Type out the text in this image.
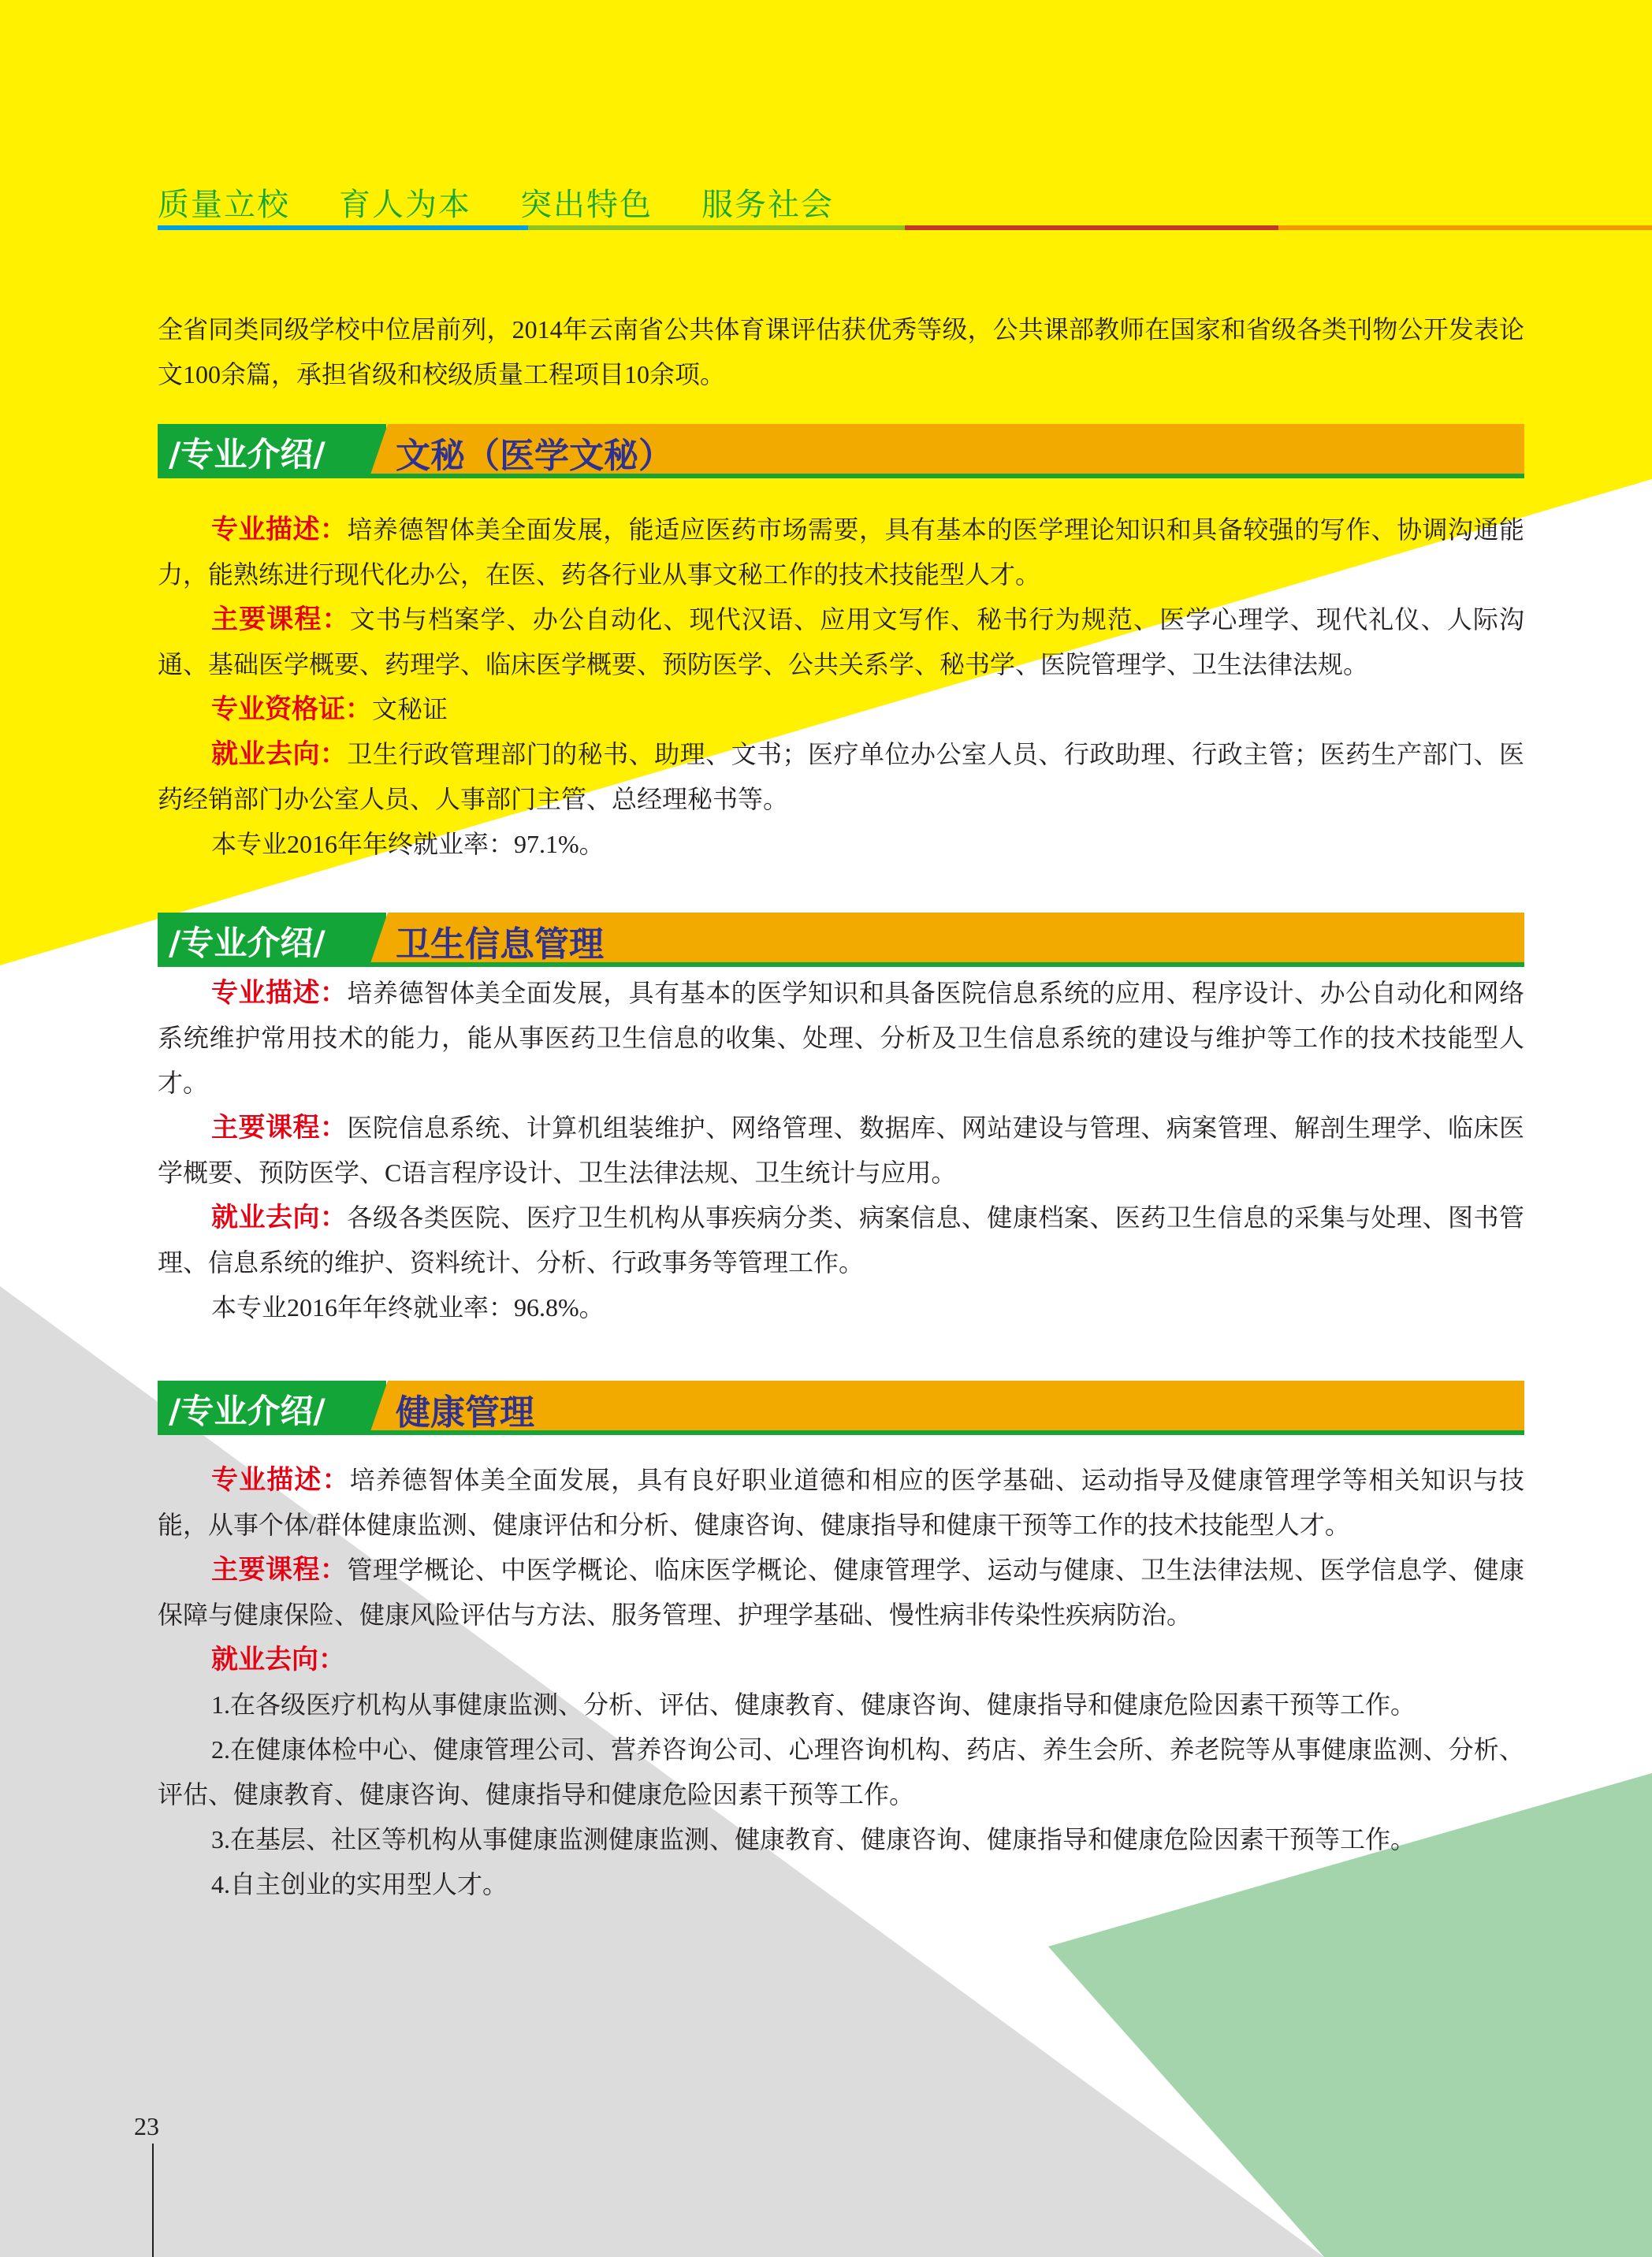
质量立校 育人为本 突出特色 服务社会

全省同类同级学校中位居前列，2014年云南省公共体育课评估获优秀等级，公共课部教师在国家和省级各类刊物公开发表论文100余篇，承担省级和校级质量工程项目10余项。

/专业介绍/ 文秘（医学文秘）

专业描述：培养德智体美全面发展，能适应医药市场需要，具有基本的医学理论知识和具备较强的写作、协调沟通能力，能熟练进行现代化办公，在医、药各行业从事文秘工作的技术技能型人才。

主要课程：文书与档案学、办公自动化、现代汉语、应用文写作、秘书行为规范、医学心理学、现代礼仪、人际沟通、基础医学概要、药理学、临床医学概要、预防医学、公共关系学、秘书学、医院管理学、卫生法律法规。

专业资格证：文秘证

就业去向：卫生行政管理部门的秘书、助理、文书；医疗单位办公室人员、行政助理、行政主管；医药生产部门、医药经销部门办公室人员、人事部门主管、总经理秘书等。

本专业2016年年终就业率：97.1%。

/专业介绍/ 卫生信息管理

专业描述：培养德智体美全面发展，具有基本的医学知识和具备医院信息系统的应用、程序设计、办公自动化和网络系统维护常用技术的能力，能从事医药卫生信息的收集、处理、分析及卫生信息系统的建设与维护等工作的技术技能型人才。

主要课程：医院信息系统、计算机组装维护、网络管理、数据库、网站建设与管理、病案管理、解剖生理学、临床医学概要、预防医学、C语言程序设计、卫生法律法规、卫生统计与应用。

就业去向：各级各类医院、医疗卫生机构从事疾病分类、病案信息、健康档案、医药卫生信息的采集与处理、图书管理、信息系统的维护、资料统计、分析、行政事务等管理工作。

本专业2016年年终就业率：96.8%。

/专业介绍/ 健康管理

专业描述：培养德智体美全面发展，具有良好职业道德和相应的医学基础、运动指导及健康管理学等相关知识与技能，从事个体/群体健康监测、健康评估和分析、健康咨询、健康指导和健康干预等工作的技术技能型人才。

主要课程：管理学概论、中医学概论、临床医学概论、健康管理学、运动与健康、卫生法律法规、医学信息学、健康保障与健康保险、健康风险评估与方法、服务管理、护理学基础、慢性病非传染性疾病防治。

就业去向：

1.在各级医疗机构从事健康监测、分析、评估、健康教育、健康咨询、健康指导和健康危险因素干预等工作。

2.在健康体检中心、健康管理公司、营养咨询公司、心理咨询机构、药店、养生会所、养老院等从事健康监测、分析、评估、健康教育、健康咨询、健康指导和健康危险因素干预等工作。

3.在基层、社区等机构从事健康监测健康监测、健康教育、健康咨询、健康指导和健康危险因素干预等工作。

4.自主创业的实用型人才。

23
